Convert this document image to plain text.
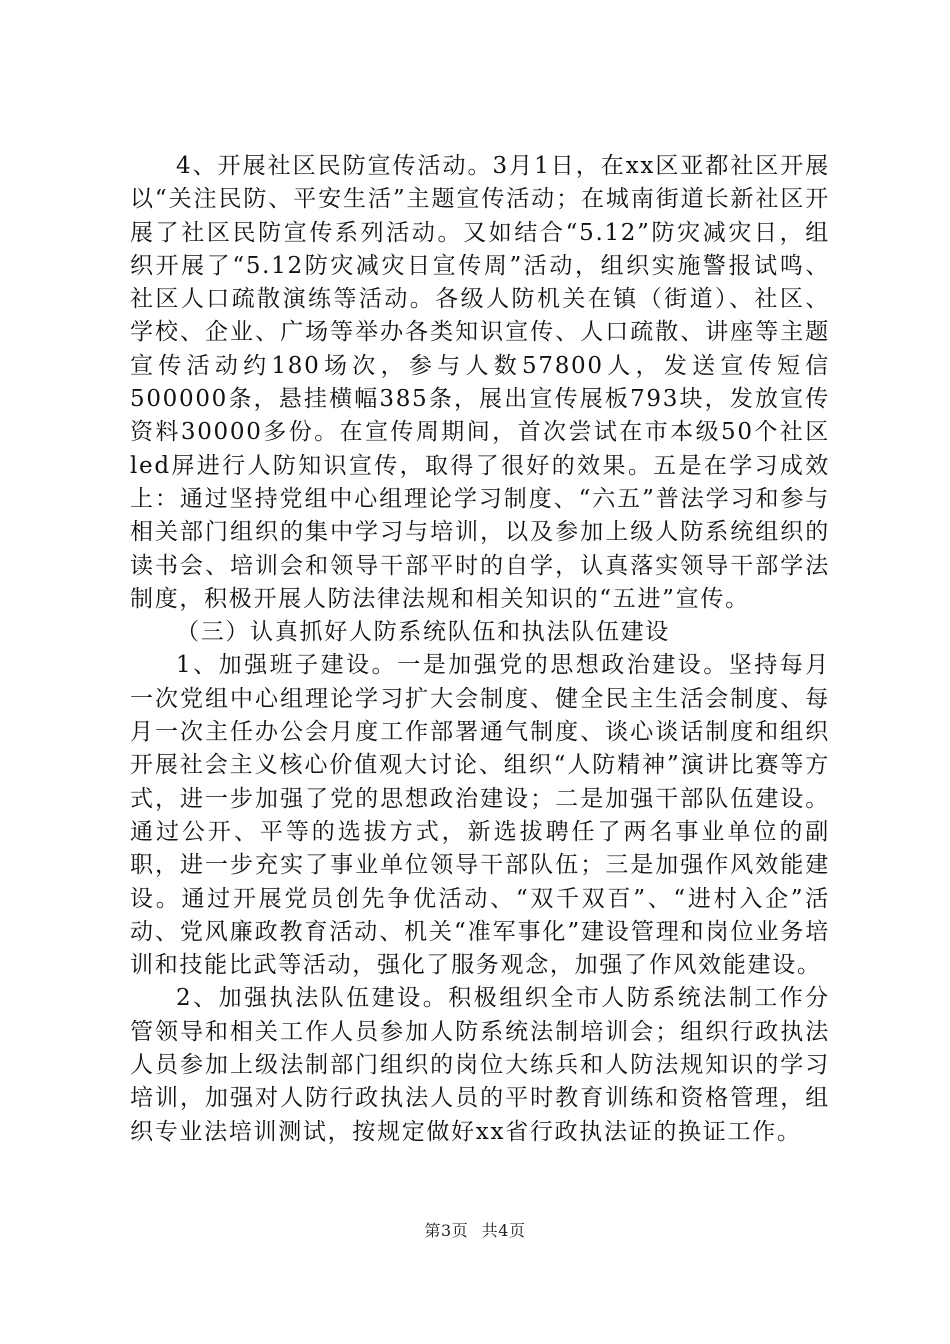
4、开展社区民防宣传活动。3月1日，在xx区亚都社区开展以“关注民防、平安生活”主题宣传活动；在城南街道长新社区开展了社区民防宣传系列活动。又如结合“5.12”防灾减灾日，组织开展了“5.12防灾减灾日宣传周”活动，组织实施警报试鸣、社区人口疏散演练等活动。各级人防机关在镇（街道）、社区、学校、企业、广场等举办各类知识宣传、人口疏散、讲座等主题宣传活动约180场次，参与人数57800人，发送宣传短信500000条，悬挂横幅385条，展出宣传展板793块，发放宣传资料30000多份。在宣传周期间，首次尝试在市本级50个社区led屏进行人防知识宣传，取得了很好的效果。五是在学习成效上：通过坚持党组中心组理论学习制度、“六五”普法学习和参与相关部门组织的集中学习与培训，以及参加上级人防系统组织的读书会、培训会和领导干部平时的自学，认真落实领导干部学法制度，积极开展人防法律法规和相关知识的“五进”宣传。

（三）认真抓好人防系统队伍和执法队伍建设

1、加强班子建设。一是加强党的思想政治建设。坚持每月一次党组中心组理论学习扩大会制度、健全民主生活会制度、每月一次主任办公会月度工作部署通气制度、谈心谈话制度和组织开展社会主义核心价值观大讨论、组织“人防精神”演讲比赛等方式，进一步加强了党的思想政治建设；二是加强干部队伍建设。通过公开、平等的选拔方式，新选拔聘任了两名事业单位的副职，进一步充实了事业单位领导干部队伍；三是加强作风效能建设。通过开展党员创先争优活动、“双千双百”、“进村入企”活动、党风廉政教育活动、机关“准军事化”建设管理和岗位业务培训和技能比武等活动，强化了服务观念，加强了作风效能建设。

2、加强执法队伍建设。积极组织全市人防系统法制工作分管领导和相关工作人员参加人防系统法制培训会；组织行政执法人员参加上级法制部门组织的岗位大练兵和人防法规知识的学习培训，加强对人防行政执法人员的平时教育训练和资格管理，组织专业法培训测试，按规定做好xx省行政执法证的换证工作。

第3页 共4页
